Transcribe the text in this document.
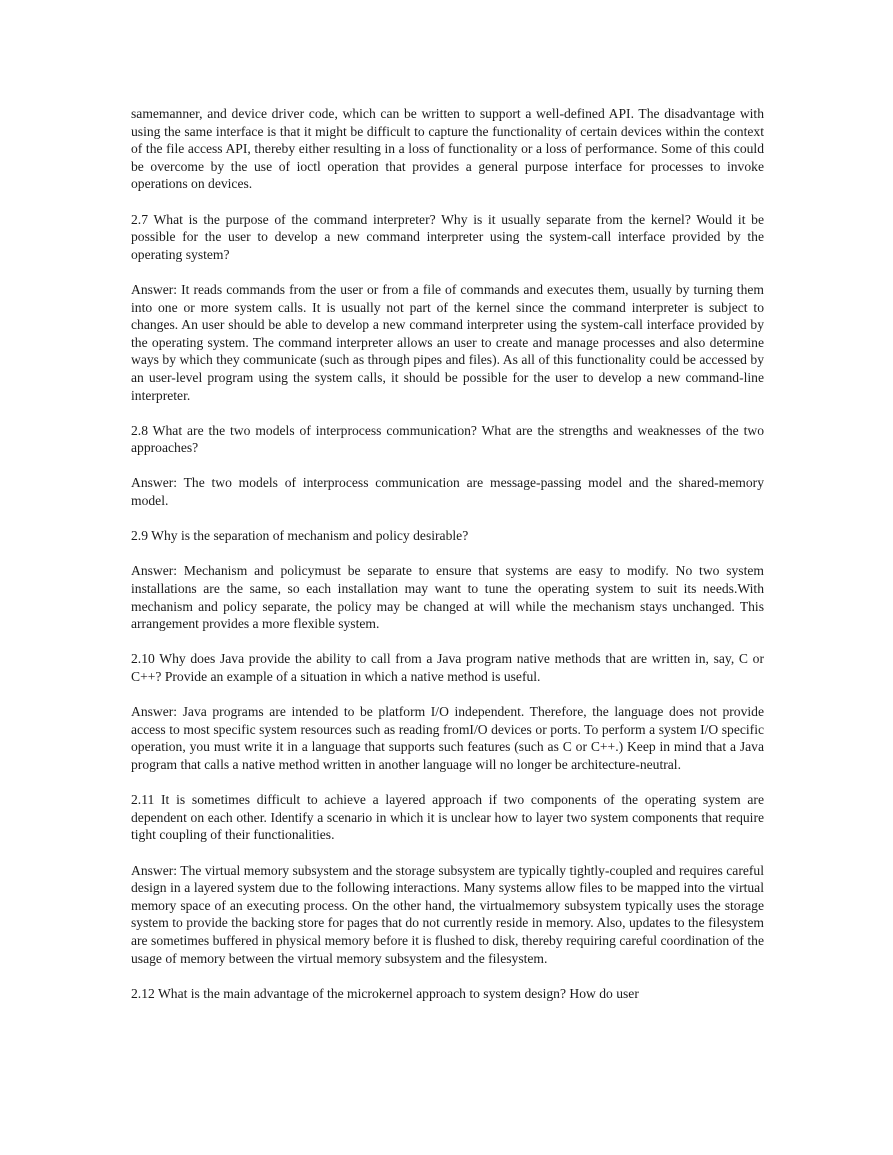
samemanner, and device driver code, which can be written to support a well-defined API. The disadvantage with using the same interface is that it might be difficult to capture the functionality of certain devices within the context of the file access API, thereby either resulting in a loss of functionality or a loss of performance. Some of this could be overcome by the use of ioctl operation that provides a general purpose interface for processes to invoke operations on devices.

2.7 What is the purpose of the command interpreter? Why is it usually separate from the kernel? Would it be possible for the user to develop a new command interpreter using the system-call interface provided by the operating system?

Answer: It reads commands from the user or from a file of commands and executes them, usually by turning them into one or more system calls. It is usually not part of the kernel since the command interpreter is subject to changes. An user should be able to develop a new command interpreter using the system-call interface provided by the operating system. The command interpreter allows an user to create and manage processes and also determine ways by which they communicate (such as through pipes and files). As all of this functionality could be accessed by an user-level program using the system calls, it should be possible for the user to develop a new command-line interpreter.

2.8 What are the two models of interprocess communication? What are the strengths and weaknesses of the two approaches?

Answer: The two models of interprocess communication are message-passing model and the shared-memory model.

2.9 Why is the separation of mechanism and policy desirable?

Answer: Mechanism and policymust be separate to ensure that systems are easy to modify. No two system installations are the same, so each installation may want to tune the operating system to suit its needs.With mechanism and policy separate, the policy may be changed at will while the mechanism stays unchanged. This arrangement provides a more flexible system.

2.10 Why does Java provide the ability to call from a Java program native methods that are written in, say, C or C++? Provide an example of a situation in which a native method is useful.

Answer: Java programs are intended to be platform I/O independent. Therefore, the language does not provide access to most specific system resources such as reading fromI/O devices or ports. To perform a system I/O specific operation, you must write it in a language that supports such features (such as C or C++.) Keep in mind that a Java program that calls a native method written in another language will no longer be architecture-neutral.

2.11 It is sometimes difficult to achieve a layered approach if two components of the operating system are dependent on each other. Identify a scenario in which it is unclear how to layer two system components that require tight coupling of their functionalities.

Answer: The virtual memory subsystem and the storage subsystem are typically tightly-coupled and requires careful design in a layered system due to the following interactions. Many systems allow files to be mapped into the virtual memory space of an executing process. On the other hand, the virtualmemory subsystem typically uses the storage system to provide the backing store for pages that do not currently reside in memory. Also, updates to the filesystem are sometimes buffered in physical memory before it is flushed to disk, thereby requiring careful coordination of the usage of memory between the virtual memory subsystem and the filesystem.

2.12 What is the main advantage of the microkernel approach to system design? How do user
